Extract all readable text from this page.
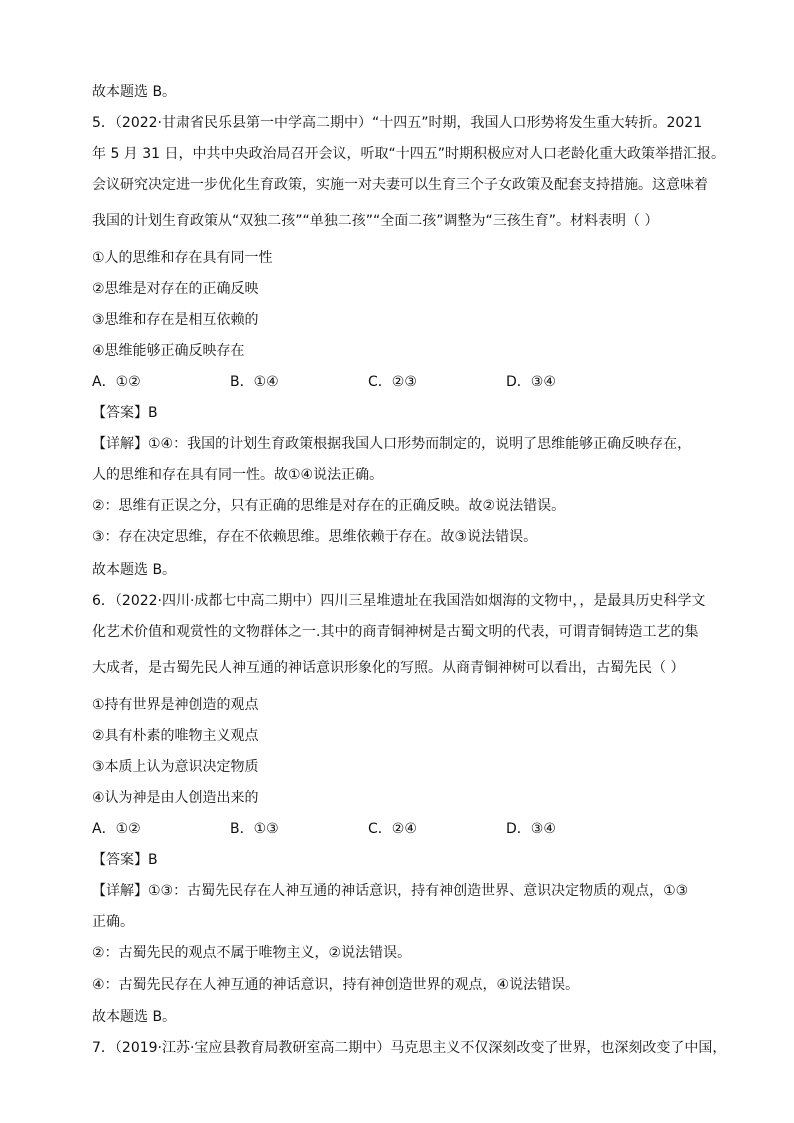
故本题选 B。
5．（2022·甘肃省民乐县第一中学高二期中）“十四五”时期，我国人口形势将发生重大转折。2021
年 5 月 31 日，中共中央政治局召开会议，听取“十四五”时期积极应对人口老龄化重大政策举措汇报。
会议研究决定进一步优化生育政策，实施一对夫妻可以生育三个子女政策及配套支持措施。这意味着
我国的计划生育政策从“双独二孩”“单独二孩”“全面二孩”调整为“三孩生育”。材料表明（ ）
①人的思维和存在具有同一性
②思维是对存在的正确反映
③思维和存在是相互依赖的
④思维能够正确反映存在
A．①②	B．①④	C．②③	D．③④
【答案】B
【详解】①④：我国的计划生育政策根据我国人口形势而制定的，说明了思维能够正确反映存在，
人的思维和存在具有同一性。故①④说法正确。
②：思维有正误之分，只有正确的思维是对存在的正确反映。故②说法错误。
③：存在决定思维，存在不依赖思维。思维依赖于存在。故③说法错误。
故本题选 B。
6．（2022·四川·成都七中高二期中）四川三星堆遗址在我国浩如烟海的文物中，，是最具历史科学文
化艺术价值和观赏性的文物群体之一.其中的商青铜神树是古蜀文明的代表，可谓青铜铸造工艺的集
大成者，是古蜀先民人神互通的神话意识形象化的写照。从商青铜神树可以看出，古蜀先民（ ）
①持有世界是神创造的观点
②具有朴素的唯物主义观点
③本质上认为意识决定物质
④认为神是由人创造出来的
A．①②	B．①③	C．②④	D．③④
【答案】B
【详解】①③：古蜀先民存在人神互通的神话意识，持有神创造世界、意识决定物质的观点，①③
正确。
②：古蜀先民的观点不属于唯物主义，②说法错误。
④：古蜀先民存在人神互通的神话意识，持有神创造世界的观点，④说法错误。
故本题选 B。
7．（2019·江苏·宝应县教育局教研室高二期中）马克思主义不仅深刻改变了世界，也深刻改变了中国，
